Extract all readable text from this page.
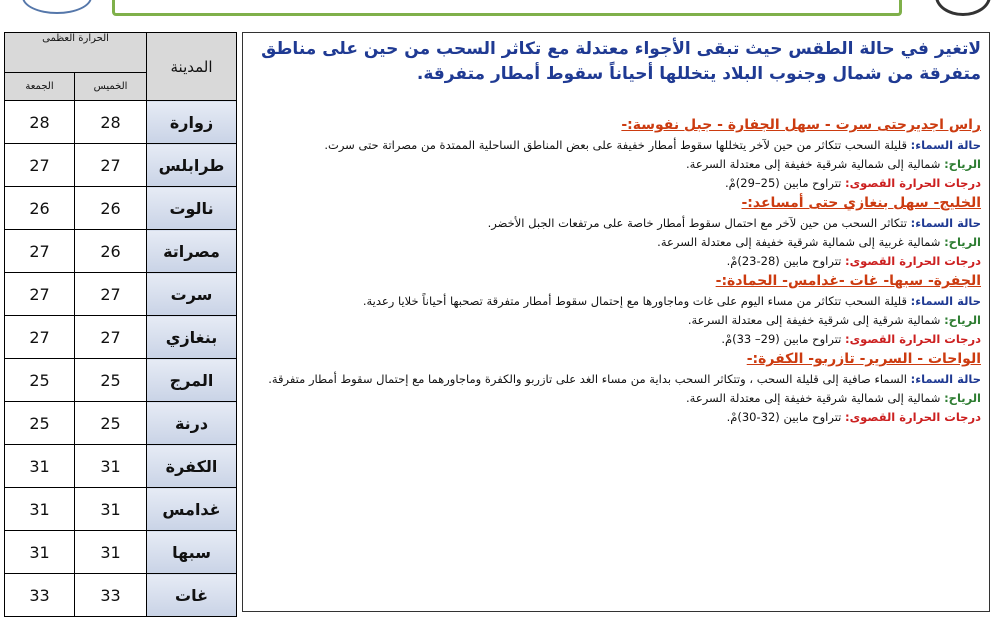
الحرارة العظمى		المدينة
الجمعة	الخميس	
28	28	زوارة
27	27	طرابلس
26	26	نالوت
27	26	مصراتة
27	27	سرت
27	27	بنغازي
25	25	المرج
25	25	درنة
31	31	الكفرة
31	31	غدامس
31	31	سبها
33	33	غات

لاتغير في حالة الطقس حيث تبقى الأجواء معتدلة مع تكاثر السحب من حين على مناطق متفرقة من شمال وجنوب البلاد يتخللها أحياناً سقوط أمطار متفرقة.

راس اجديرحتى سرت - سهل الجفارة - جبل نفوسة:-

حالة السماء: قليلة السحب تتكاثر من حين لآخر يتخللها سقوط أمطار خفيفة على بعض المناطق الساحلية الممتدة من مصراتة حتى سرت.

الرياح: شمالية إلى شمالية شرقية خفيفة إلى معتدلة السرعة.

درجات الحرارة القصوى: تتراوح مابين (25–29)مْ.

الخليج- سهل بنغازي حتى أمساعد:-

حالة السماء: تتكاثر السحب من حين لآخر مع احتمال سقوط أمطار خاصة على مرتفعات الجبل الأخضر.

الرياح: شمالية غربية إلى شمالية شرقية خفيفة إلى معتدلة السرعة.

درجات الحرارة القصوى: تتراوح مابين (28-23)مْ.

الجفرة- سبها- غات -غدامس- الحمادة:-

حالة السماء: قليلة السحب تتكاثر من مساء اليوم على غات وماجاورها مع إحتمال سقوط أمطار متفرقة تصحبها أحياناً خلايا رعدية.

الرياح: شمالية شرقية إلى شرقية خفيفة إلى معتدلة السرعة.

درجات الحرارة القصوى: تتراوح مابين (29– 33)مْ.

الواحات - السرير- تازربو- الكفرة:-

حالة السماء: السماء صافية إلى قليلة السحب ، وتتكاثر السحب بداية من مساء الغد على تازربو والكفرة وماجاورهما مع إحتمال سقوط أمطار متفرقة.

الرياح: شمالية إلى شمالية شرقية خفيفة إلى معتدلة السرعة.

درجات الحرارة القصوى: تتراوح مابين (32-30)مْ.
